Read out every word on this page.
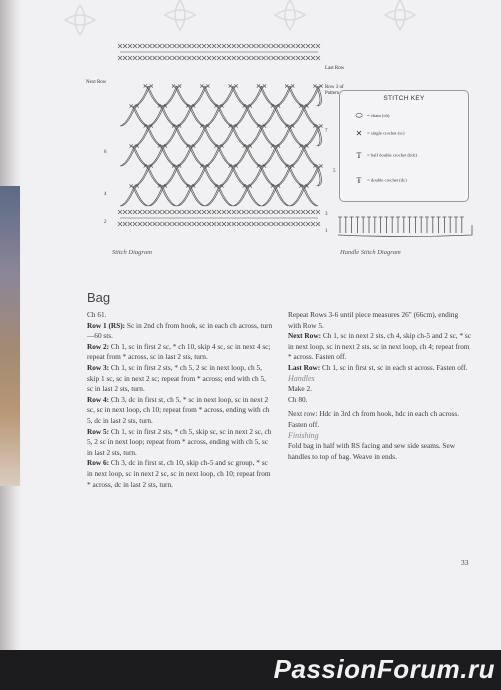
Next Row
Last Row
Row 3 of
Pattern
7
5
3
1
6
4
2
Stitch Diagram
STITCH KEY
⬭ = chain (ch)
✕ = single crochet (sc)
T = half double crochet (hdc)
Ŧ = double crochet (dc)
Handle Stitch Diagram
Bag

Ch 61.

Row 1 (RS): Sc in 2nd ch from hook, sc in each ch across, turn—60 sts.

Row 2: Ch 1, sc in first 2 sc, * ch 10, skip 4 sc, sc in next 4 sc; repeat from * across, sc in last 2 sts, turn.

Row 3: Ch 1, sc in first 2 sts, * ch 5, 2 sc in next loop, ch 5, skip 1 sc, sc in next 2 sc; repeat from * across; end with ch 5, sc in last 2 sts, turn.

Row 4: Ch 3, dc in first st, ch 5, * sc in next loop, sc in next 2 sc, sc in next loop, ch 10; repeat from * across, ending with ch 5, dc in last 2 sts, turn.

Row 5: Ch 1, sc in first 2 sts, * ch 5, skip sc, sc in next 2 sc, ch 5, 2 sc in next loop; repeat from * across, ending with ch 5, sc in last 2 sts, turn.

Row 6: Ch 3, dc in first st, ch 10, skip ch-5 and sc group, * sc in next loop, sc in next 2 sc, sc in next loop, ch 10; repeat from * across, dc in last 2 sts, turn.

Repeat Rows 3-6 until piece measures 26" (66cm), ending with Row 5.

Next Row: Ch 1, sc in next 2 sts, ch 4, skip ch-5 and 2 sc, * sc in next loop, sc in next 2 sts, sc in next loop, ch 4; repeat from * across. Fasten off.

Last Row: Ch 1, sc in first st, sc in each st across. Fasten off.

Handles

Make 2.

Ch 80.

Next row: Hdc in 3rd ch from hook, hdc in each ch across. Fasten off.

Finishing

Fold bag in half with RS facing and sew side seams. Sew handles to top of bag. Weave in ends.

33
PassionForum.ru
